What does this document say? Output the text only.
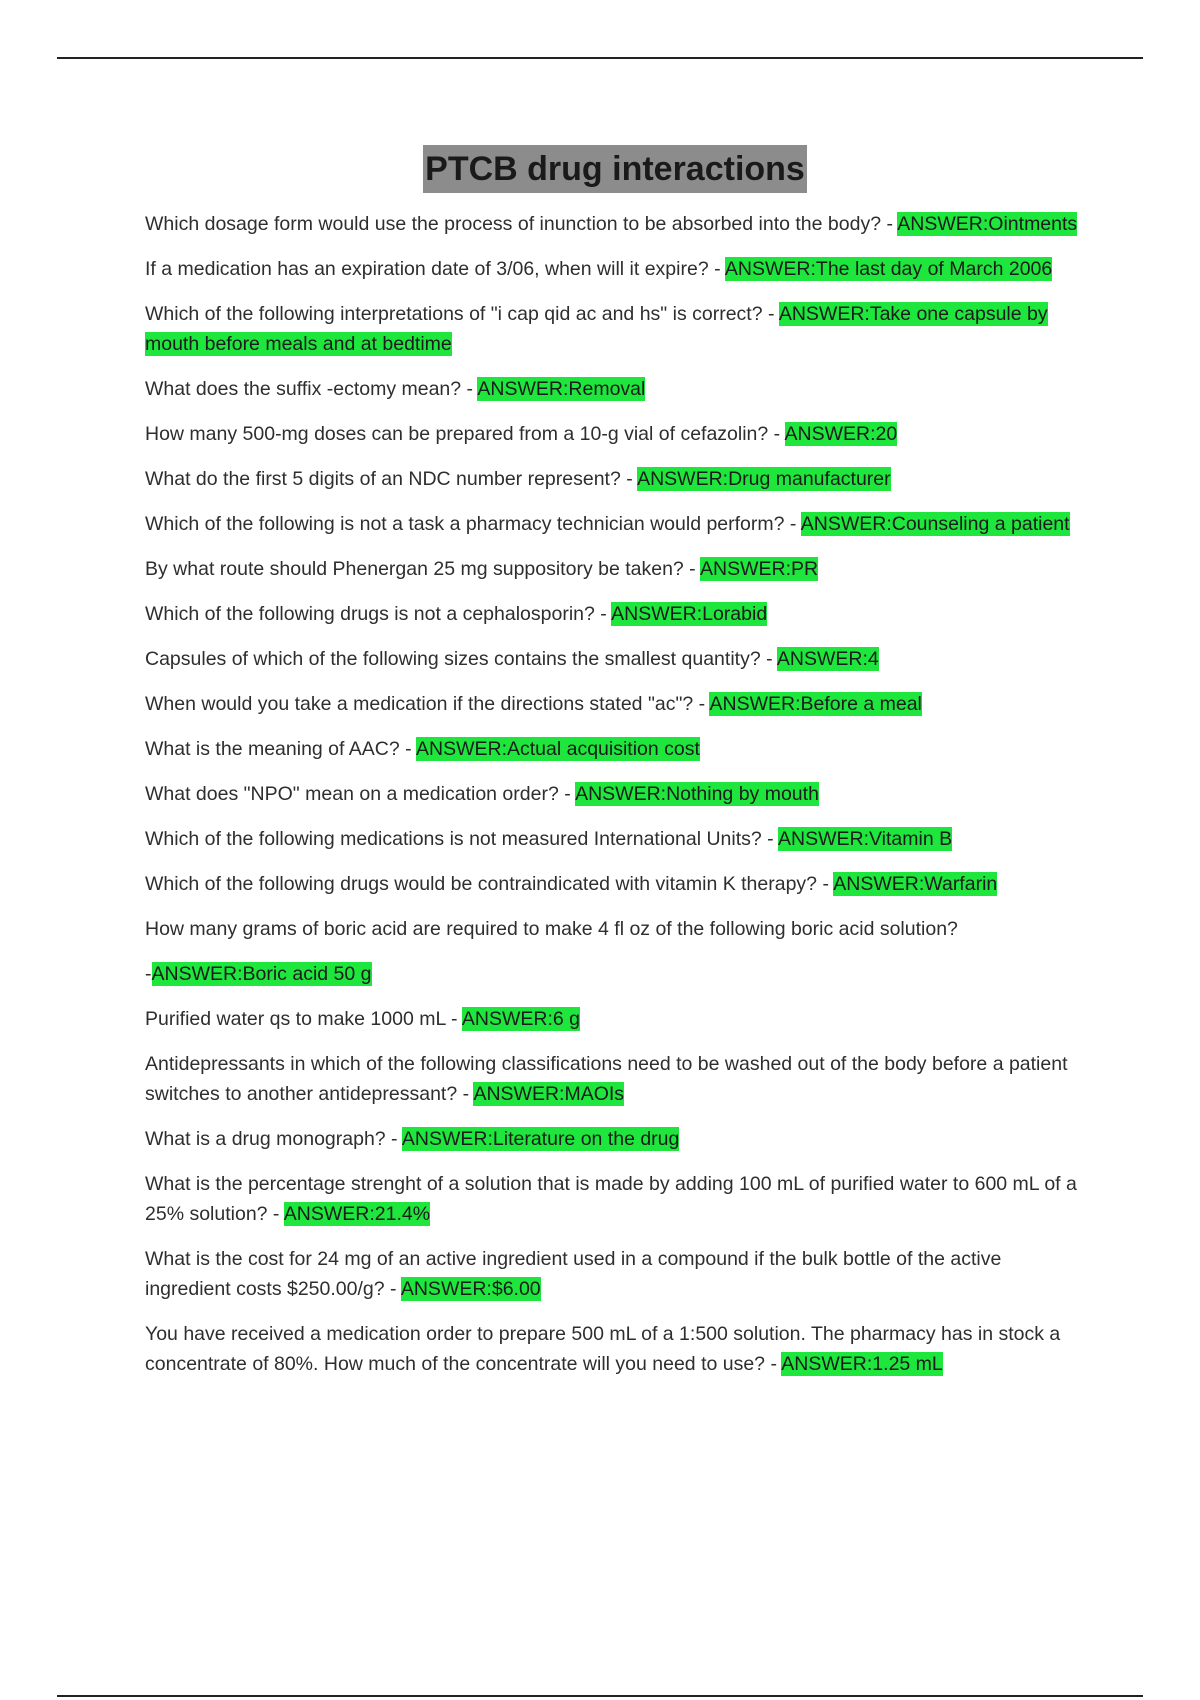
PTCB drug interactions

Which dosage form would use the process of inunction to be absorbed into the body? - ANSWER:Ointments

If a medication has an expiration date of 3/06, when will it expire? - ANSWER:The last day of March 2006

Which of the following interpretations of "i cap qid ac and hs" is correct? - ANSWER:Take one capsule by mouth before meals and at bedtime

What does the suffix -ectomy mean? - ANSWER:Removal

How many 500-mg doses can be prepared from a 10-g vial of cefazolin? - ANSWER:20

What do the first 5 digits of an NDC number represent? - ANSWER:Drug manufacturer

Which of the following is not a task a pharmacy technician would perform? - ANSWER:Counseling a patient

By what route should Phenergan 25 mg suppository be taken? - ANSWER:PR

Which of the following drugs is not a cephalosporin? - ANSWER:Lorabid

Capsules of which of the following sizes contains the smallest quantity? - ANSWER:4

When would you take a medication if the directions stated "ac"? - ANSWER:Before a meal

What is the meaning of AAC? - ANSWER:Actual acquisition cost

What does "NPO" mean on a medication order? - ANSWER:Nothing by mouth

Which of the following medications is not measured International Units? - ANSWER:Vitamin B

Which of the following drugs would be contraindicated with vitamin K therapy? - ANSWER:Warfarin

How many grams of boric acid are required to make 4 fl oz of the following boric acid solution?

-ANSWER:Boric acid 50 g

Purified water qs to make 1000 mL - ANSWER:6 g

Antidepressants in which of the following classifications need to be washed out of the body before a patient switches to another antidepressant? - ANSWER:MAOIs

What is a drug monograph? - ANSWER:Literature on the drug

What is the percentage strenght of a solution that is made by adding 100 mL of purified water to 600 mL of a 25% solution? - ANSWER:21.4%

What is the cost for 24 mg of an active ingredient used in a compound if the bulk bottle of the active ingredient costs $250.00/g? - ANSWER:$6.00

You have received a medication order to prepare 500 mL of a 1:500 solution. The pharmacy has in stock a concentrate of 80%. How much of the concentrate will you need to use? - ANSWER:1.25 mL
